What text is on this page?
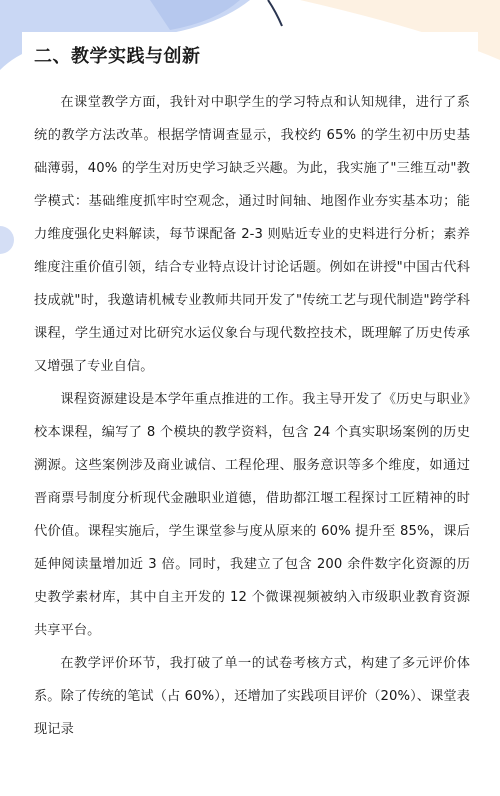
二、教学实践与创新

在课堂教学方面，我针对中职学生的学习特点和认知规律，进行了系统的教学方法改革。根据学情调查显示，我校约 65% 的学生初中历史基础薄弱，40% 的学生对历史学习缺乏兴趣。为此，我实施了"三维互动"教学模式：基础维度抓牢时空观念，通过时间轴、地图作业夯实基本功；能力维度强化史料解读，每节课配备 2-3 则贴近专业的史料进行分析；素养维度注重价值引领，结合专业特点设计讨论话题。例如在讲授"中国古代科技成就"时，我邀请机械专业教师共同开发了"传统工艺与现代制造"跨学科课程，学生通过对比研究水运仪象台与现代数控技术，既理解了历史传承又增强了专业自信。

课程资源建设是本学年重点推进的工作。我主导开发了《历史与职业》校本课程，编写了 8 个模块的教学资料，包含 24 个真实职场案例的历史溯源。这些案例涉及商业诚信、工程伦理、服务意识等多个维度，如通过晋商票号制度分析现代金融职业道德，借助都江堰工程探讨工匠精神的时代价值。课程实施后，学生课堂参与度从原来的 60% 提升至 85%，课后延伸阅读量增加近 3 倍。同时，我建立了包含 200 余件数字化资源的历史教学素材库，其中自主开发的 12 个微课视频被纳入市级职业教育资源共享平台。

在教学评价环节，我打破了单一的试卷考核方式，构建了多元评价体系。除了传统的笔试（占 60%），还增加了实践项目评价（20%）、课堂表现记录
